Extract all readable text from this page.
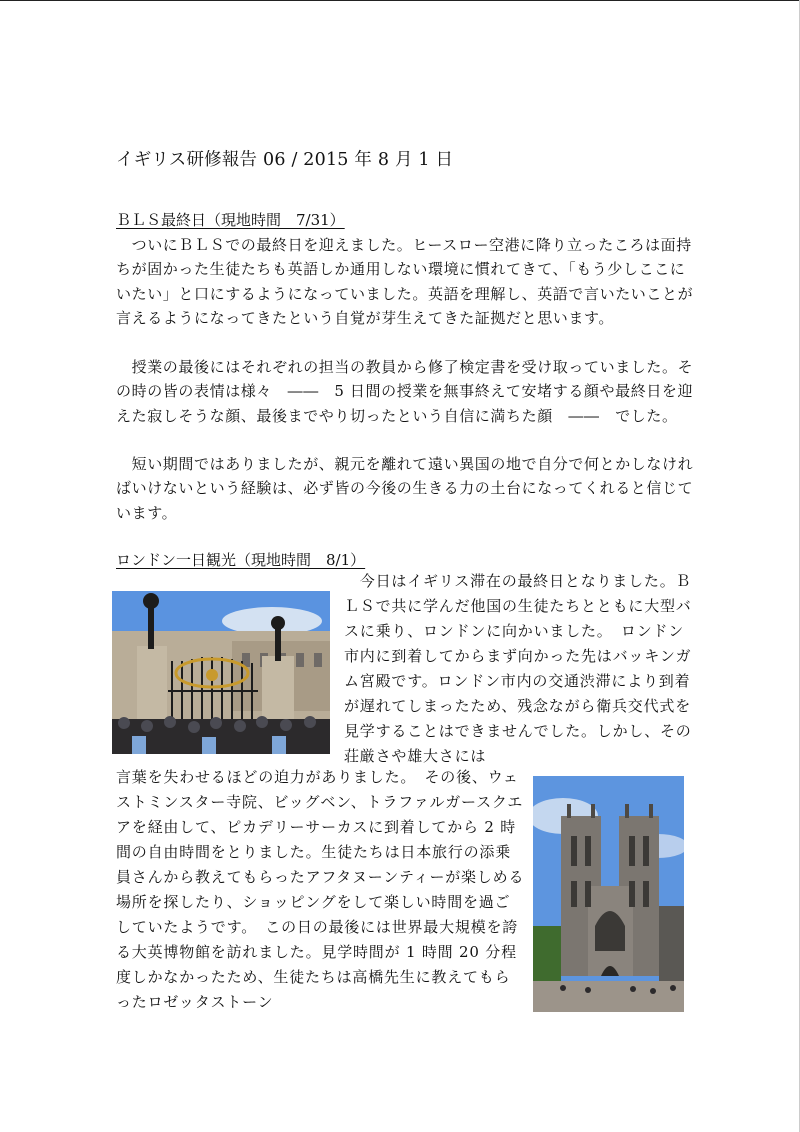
イギリス研修報告 06 / 2015 年 8 月 1 日
ＢＬＳ最終日（現地時間　7/31）

　ついにＢＬＳでの最終日を迎えました。ヒースロー空港に降り立ったころは面持ちが固かった生徒たちも英語しか通用しない環境に慣れてきて、「もう少しここにいたい」と口にするようになっていました。英語を理解し、英語で言いたいことが言えるようになってきたという自覚が芽生えてきた証拠だと思います。

　授業の最後にはそれぞれの担当の教員から修了検定書を受け取っていました。その時の皆の表情は様々　――　5 日間の授業を無事終えて安堵する顔や最終日を迎えた寂しそうな顔、最後までやり切ったという自信に満ちた顔　――　でした。

　短い期間ではありましたが、親元を離れて遠い異国の地で自分で何とかしなければいけないという経験は、必ず皆の今後の生きる力の土台になってくれると信じています。

ロンドン一日観光（現地時間　8/1）

　今日はイギリス滞在の最終日となりました。ＢＬＳで共に学んだ他国の生徒たちとともに大型バスに乗り、ロンドンに向かいました。　ロンドン市内に到着してからまず向かった先はバッキンガム宮殿です。ロンドン市内の交通渋滞により到着が遅れてしまったため、残念ながら衛兵交代式を見学することはできませんでした。しかし、その荘厳さや雄大さには

言葉を失わせるほどの迫力がありました。　その後、ウェストミンスター寺院、ビッグベン、トラファルガースクエアを経由して、ピカデリーサーカスに到着してから 2 時間の自由時間をとりました。生徒たちは日本旅行の添乗員さんから教えてもらったアフタヌーンティーが楽しめる場所を探したり、ショッピングをして楽しい時間を過ごしていたようです。　この日の最後には世界最大規模を誇る大英博物館を訪れました。見学時間が 1 時間 20 分程度しかなかったため、生徒たちは高橋先生に教えてもらったロゼッタストーン
